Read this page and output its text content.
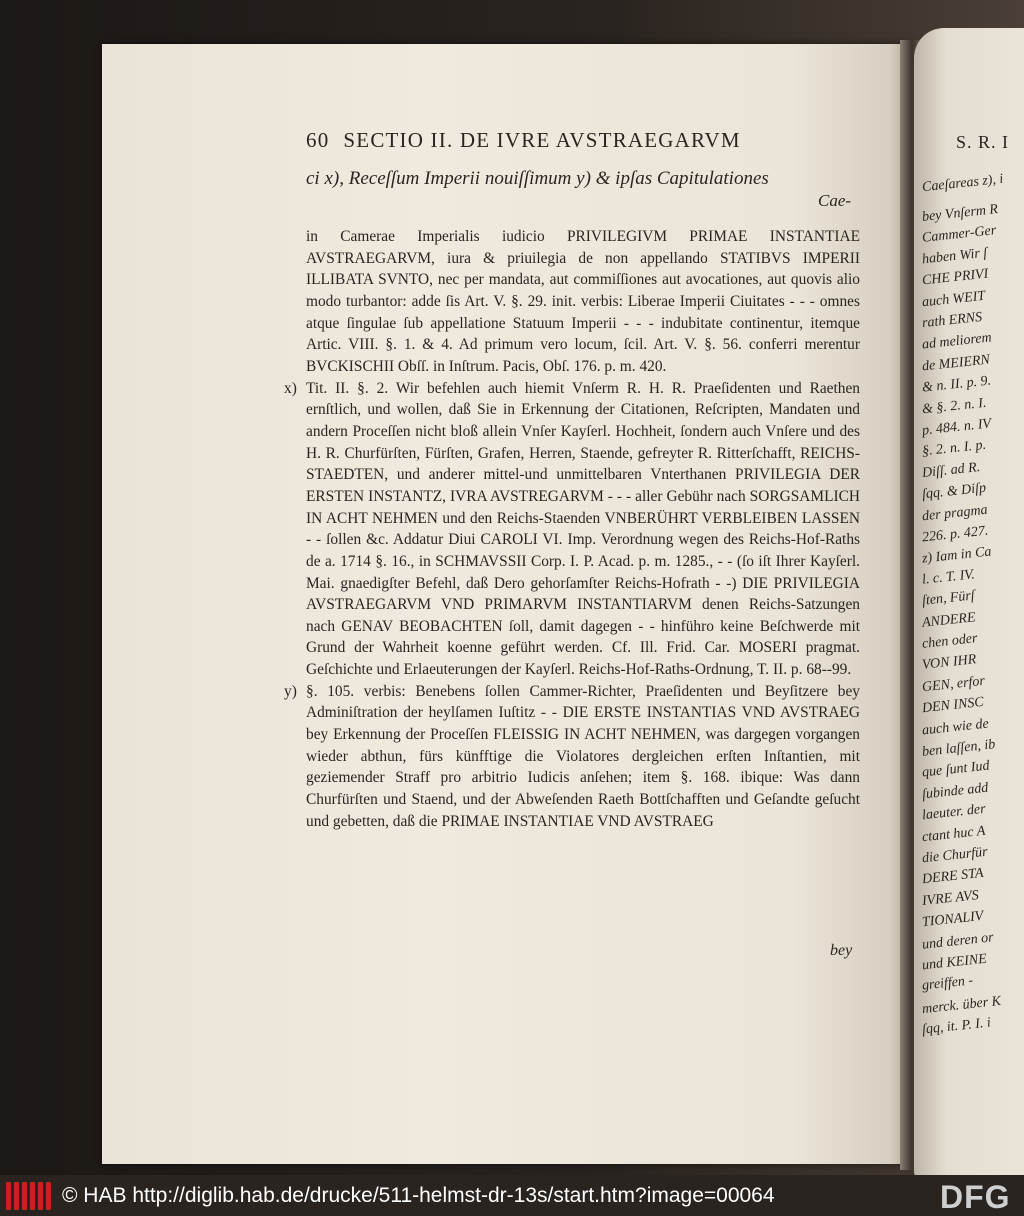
60 SECTIO II. DE IVRE AVSTRAEGARVM
ci x), Receſſum Imperii nouiſſimum y) & ipſas Capitulationes
Cae-

in Camerae Imperialis iudicio PRIVILEGIVM PRIMAE INSTANTIAE AVSTRAEGARVM, iura & priuilegia de non appellando STATIBVS IMPERII ILLIBATA SVNTO, nec per mandata, aut commiſſiones aut avocationes, aut quovis alio modo turbantor: adde ſis Art. V. §. 29. init. verbis: Liberae Imperii Ciuitates - - - omnes atque ſingulae ſub appellatione Statuum Imperii - - - indubitate continentur, itemque Artic. VIII. §. 1. & 4. Ad primum vero locum, ſcil. Art. V. §. 56. conferri merentur BVCKISCHII Obſſ. in Inſtrum. Pacis, Obſ. 176. p. m. 420.

x) Tit. II. §. 2. Wir befehlen auch hiemit Vnſerm R. H. R. Praeſidenten und Raethen ernſtlich, und wollen, daß Sie in Erkennung der Citationen, Reſcripten, Mandaten und andern Proceſſen nicht bloß allein Vnſer Kayſerl. Hochheit, ſondern auch Vnſere und des H. R. Churfürſten, Fürſten, Grafen, Herren, Staende, gefreyter R. Ritterſchafft, REICHS-STAEDTEN, und anderer mittel-und unmittelbaren Vnterthanen PRIVILEGIA DER ERSTEN INSTANTZ, IVRA AVSTREGARVM - - - aller Gebühr nach SORGSAMLICH IN ACHT NEHMEN und den Reichs-Staenden VNBERÜHRT VERBLEIBEN LASSEN - - ſollen &c. Addatur Diui CAROLI VI. Imp. Verordnung wegen des Reichs-Hof-Raths de a. 1714 §. 16., in SCHMAVSSII Corp. I. P. Acad. p. m. 1285., - - (ſo iſt Ihrer Kayſerl. Mai. gnaedigſter Befehl, daß Dero gehorſamſter Reichs-Hofrath - -) DIE PRIVILEGIA AVSTRAEGARVM VND PRIMARVM INSTANTIARVM denen Reichs-Satzungen nach GENAV BEOBACHTEN ſoll, damit dagegen - - hinführo keine Beſchwerde mit Grund der Wahrheit koenne geführt werden. Cf. Ill. Frid. Car. MOSERI pragmat. Geſchichte und Erlaeuterungen der Kayſerl. Reichs-Hof-Raths-Ordnung, T. II. p. 68--99.
y) §. 105. verbis: Benebens ſollen Cammer-Richter, Praeſidenten und Beyſitzere bey Adminiſtration der heylſamen Iuſtitz - - DIE ERSTE INSTANTIAS VND AVSTRAEG bey Erkennung der Proceſſen FLEISSIG IN ACHT NEHMEN, was dargegen vorgangen wieder abthun, fürs künfftige die Violatores dergleichen erſten Inſtantien, mit geziemender Straff pro arbitrio Iudicis anſehen; item §. 168. ibique: Was dann Churfürſten und Staend, und der Abweſenden Raeth Bottſchafften und Geſandte geſucht und gebetten, daß die PRIMAE INSTANTIAE VND AVSTRAEG
bey
S. R. I
Caeſareas z), i
bey Vnſerm R
Cammer-Ger
haben Wir ſ
CHE PRIVI
auch WEIT
rath ERNS
ad meliorem
de MEIERN
& n. II. p. 9.
& §. 2. n. I.
p. 484. n. IV
§. 2. n. I. p.
Diſſ. ad R.
ſqq. & Diſp
der pragma
226. p. 427.
z) Iam in Ca
l. c. T. IV.
ſten, Fürſ
ANDERE
chen oder
VON IHR
GEN, erfor
DEN INSC
auch wie de
ben laſſen, ib
que ſunt Iud
ſubinde add
laeuter. der
ctant huc A
die Churfür
DERE STA
IVRE AVS
TIONALIV
und deren or
und KEINE
greiffen -
merck. über K
ſqq, it. P. I. i
© HAB http://diglib.hab.de/drucke/511-helmst-dr-13s/start.htm?image=00064	DFG
